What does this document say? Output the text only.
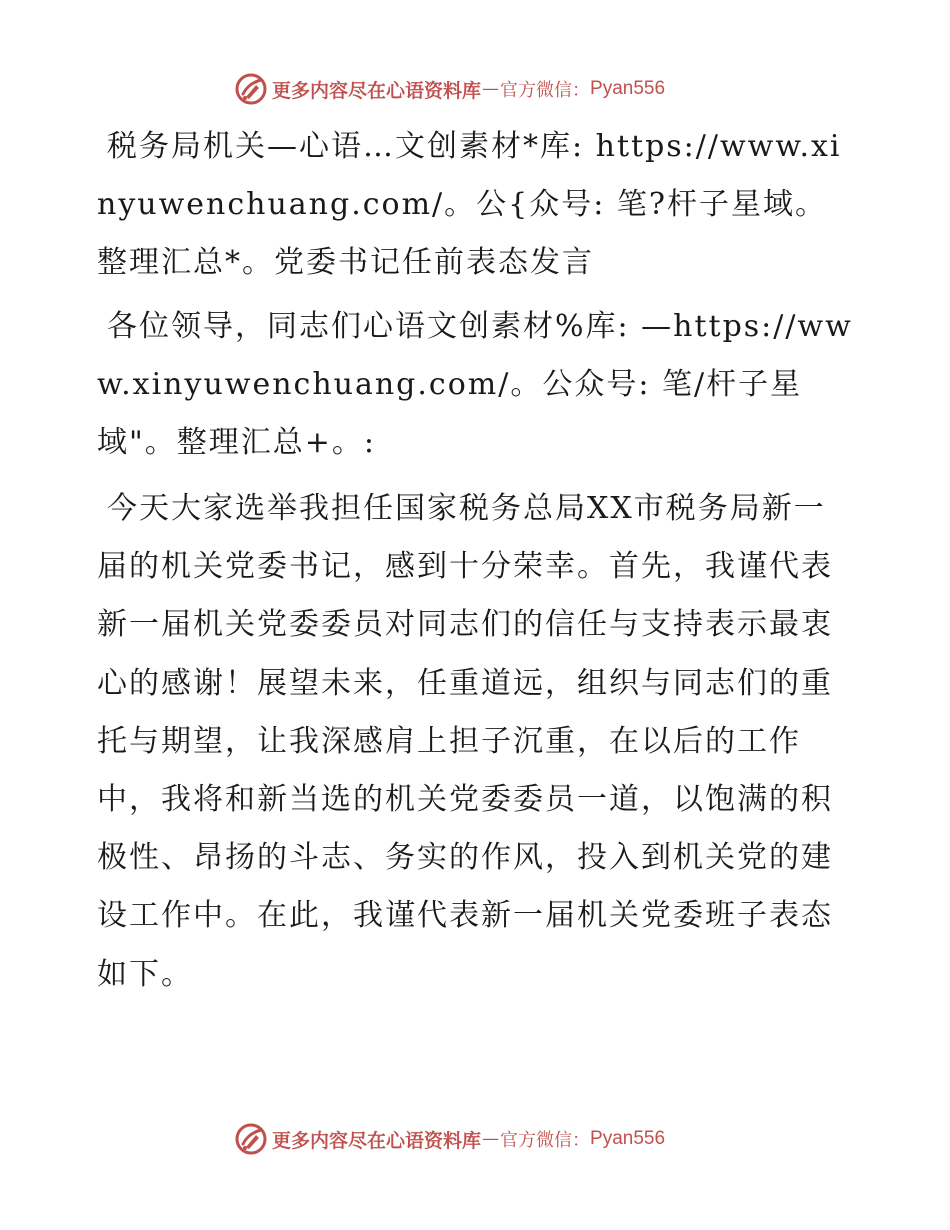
更多内容尽在心语资料库 — 官方微信： Pyan556

税务局机关—心语…文创素材*库: https://www.xinyuwenchuang.com/。公{众号: 笔?杆子星域。整理汇总*。党委书记任前表态发言

各位领导，同志们心语文创素材%库: —https://www.xinyuwenchuang.com/。公众号: 笔/杆子星域"。整理汇总+。:

今天大家选举我担任国家税务总局XX市税务局新一届的机关党委书记，感到十分荣幸。首先，我谨代表新一届机关党委委员对同志们的信任与支持表示最衷心的感谢！展望未来，任重道远，组织与同志们的重托与期望，让我深感肩上担子沉重，在以后的工作中，我将和新当选的机关党委委员一道，以饱满的积极性、昂扬的斗志、务实的作风，投入到机关党的建设工作中。在此，我谨代表新一届机关党委班子表态如下。

更多内容尽在心语资料库 — 官方微信： Pyan556
